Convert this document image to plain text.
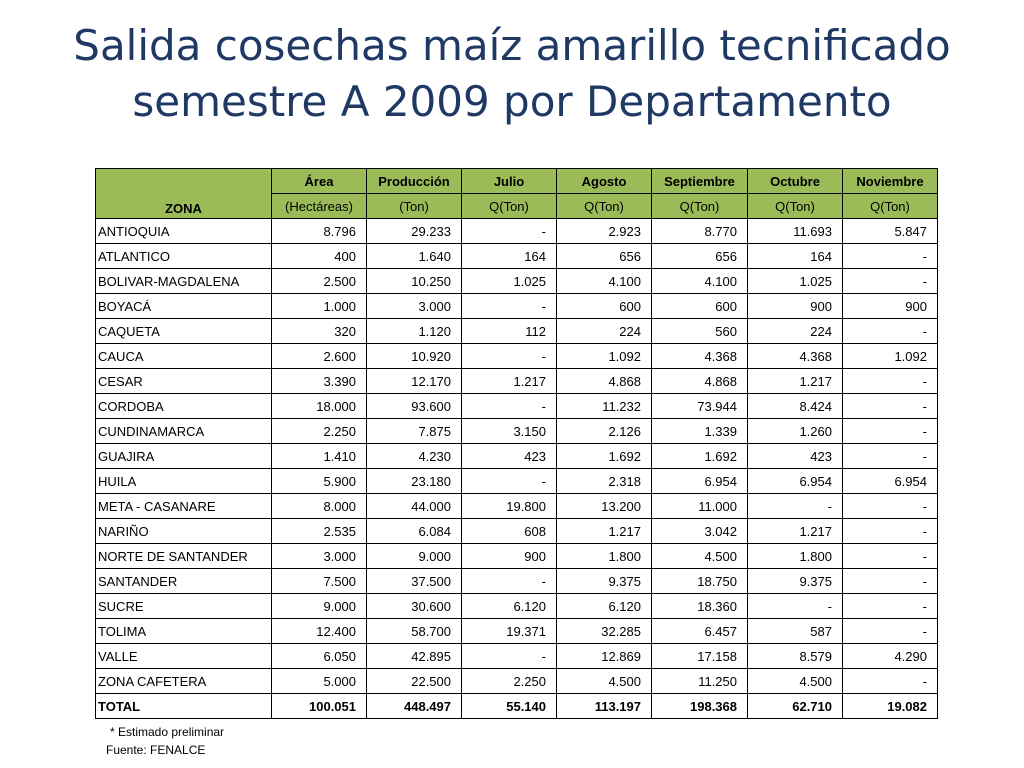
Salida cosechas maíz amarillo tecnificado
semestre A 2009 por Departamento
ZONA	Área	Producción	Julio	Agosto	Septiembre	Octubre	Noviembre
	(Hectáreas)	(Ton)	Q(Ton)	Q(Ton)	Q(Ton)	Q(Ton)	Q(Ton)
ANTIOQUIA	8.796	29.233	-	2.923	8.770	11.693	5.847
ATLANTICO	400	1.640	164	656	656	164	-
BOLIVAR-MAGDALENA	2.500	10.250	1.025	4.100	4.100	1.025	-
BOYACÁ	1.000	3.000	-	600	600	900	900
CAQUETA	320	1.120	112	224	560	224	-
CAUCA	2.600	10.920	-	1.092	4.368	4.368	1.092
CESAR	3.390	12.170	1.217	4.868	4.868	1.217	-
CORDOBA	18.000	93.600	-	11.232	73.944	8.424	-
CUNDINAMARCA	2.250	7.875	3.150	2.126	1.339	1.260	-
GUAJIRA	1.410	4.230	423	1.692	1.692	423	-
HUILA	5.900	23.180	-	2.318	6.954	6.954	6.954
META - CASANARE	8.000	44.000	19.800	13.200	11.000	-	-
NARIÑO	2.535	6.084	608	1.217	3.042	1.217	-
NORTE DE SANTANDER	3.000	9.000	900	1.800	4.500	1.800	-
SANTANDER	7.500	37.500	-	9.375	18.750	9.375	-
SUCRE	9.000	30.600	6.120	6.120	18.360	-	-
TOLIMA	12.400	58.700	19.371	32.285	6.457	587	-
VALLE	6.050	42.895	-	12.869	17.158	8.579	4.290
ZONA CAFETERA	5.000	22.500	2.250	4.500	11.250	4.500	-
TOTAL	100.051	448.497	55.140	113.197	198.368	62.710	19.082
* Estimado preliminar
Fuente: FENALCE
